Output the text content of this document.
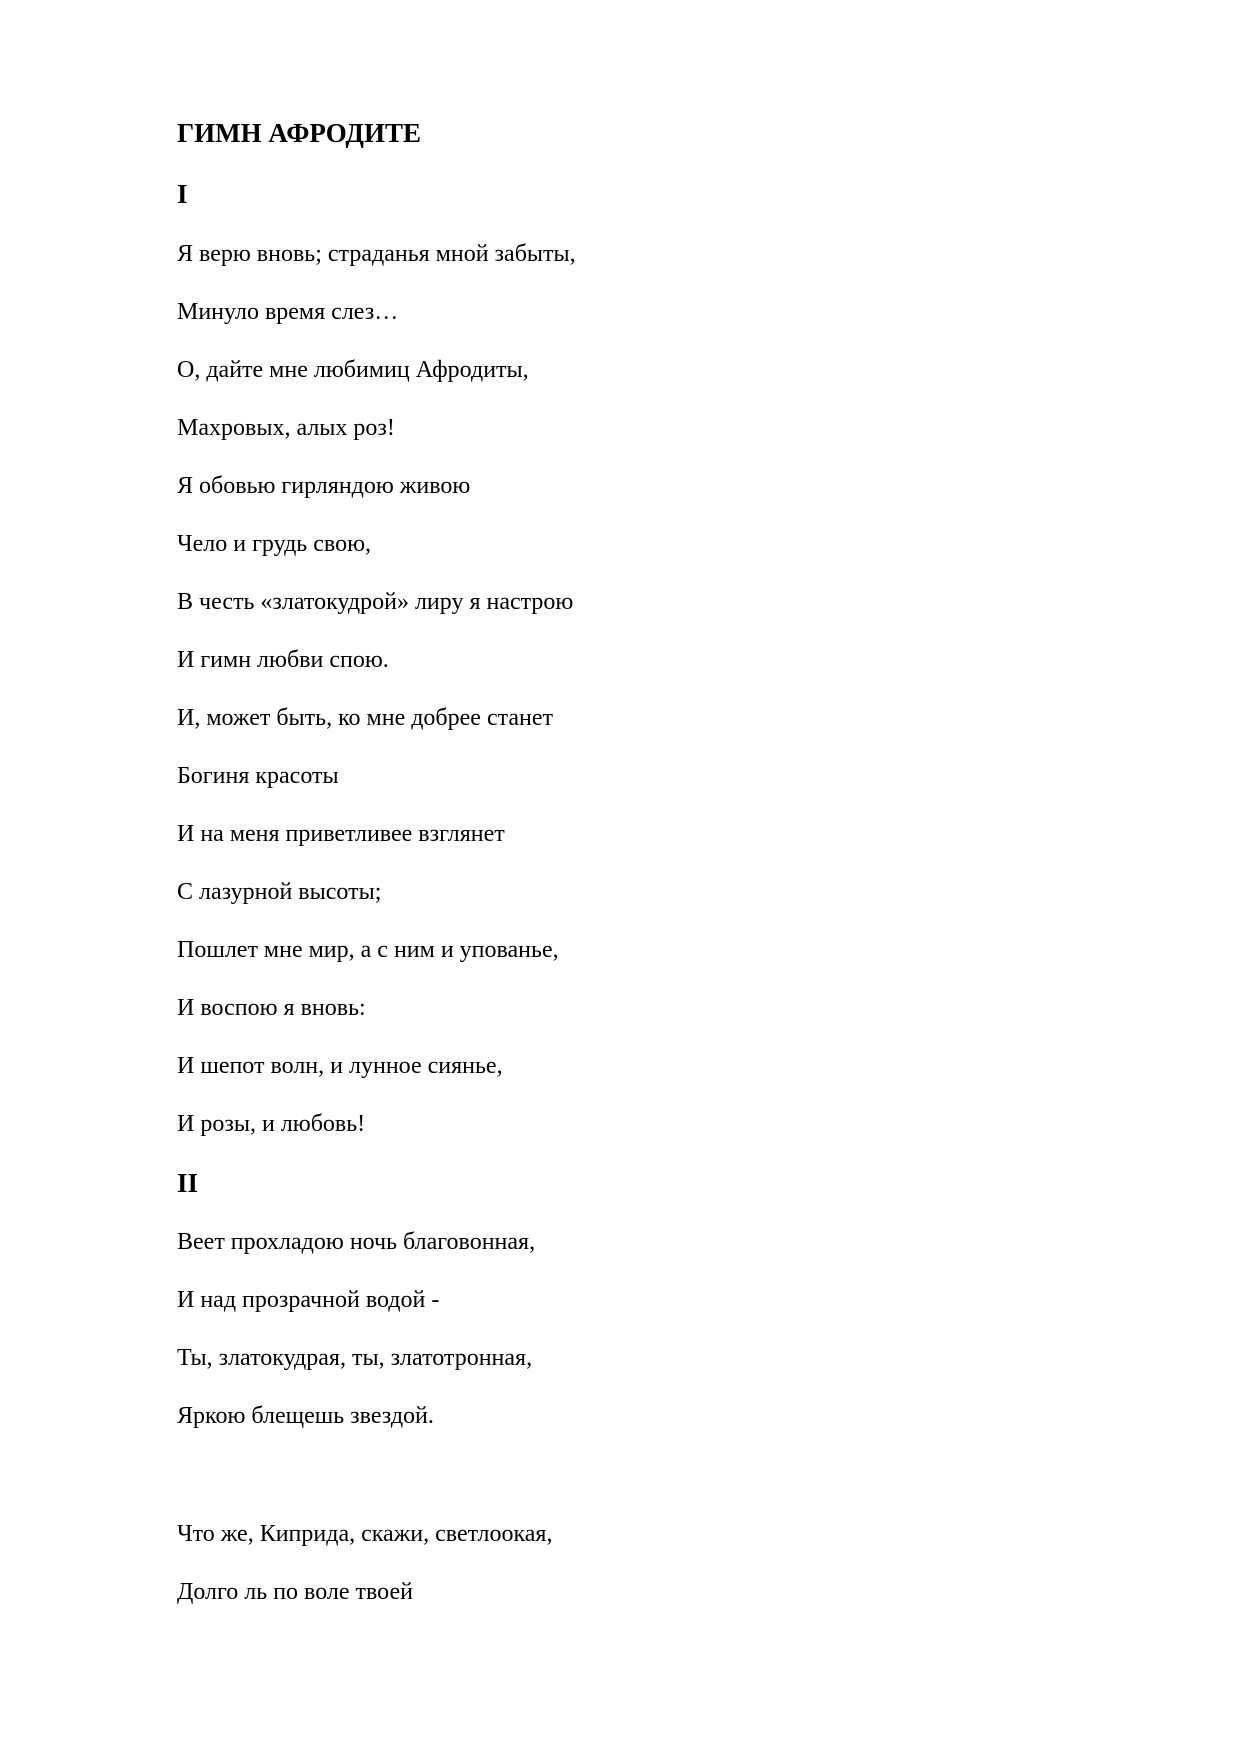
ГИМН АФРОДИТЕ
I
Я верю вновь; страданья мной забыты,
Минуло время слез…
О, дайте мне любимиц Афродиты,
Махровых, алых роз!
Я обовью гирляндою живою
Чело и грудь свою,
В честь «златокудрой» лиру я настрою
И гимн любви спою.
И, может быть, ко мне добрее станет
Богиня красоты
И на меня приветливее взглянет
С лазурной высоты;
Пошлет мне мир, а с ним и упованье,
И воспою я вновь:
И шепот волн, и лунное сиянье,
И розы, и любовь!
II
Веет прохладою ночь благовонная,
И над прозрачной водой -
Ты, златокудрая, ты, златотронная,
Яркою блещешь звездой.
Что же, Киприда, скажи, светлоокая,
Долго ль по воле твоей
